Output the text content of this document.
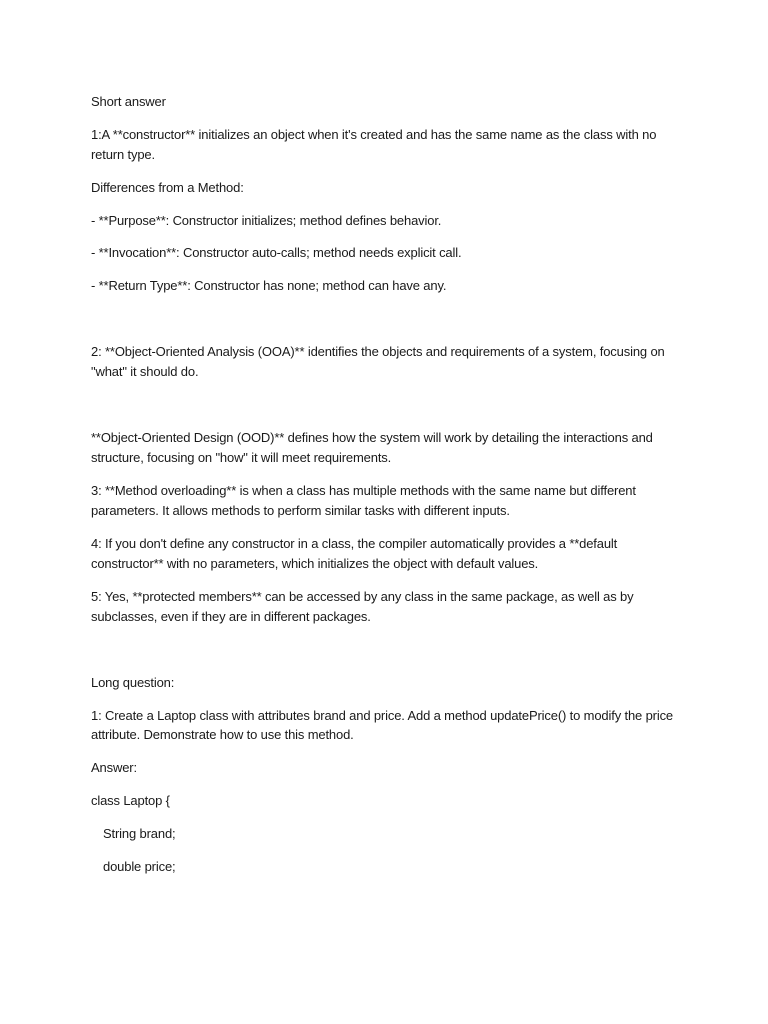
Short answer
1:A **constructor** initializes an object when it's created and has the same name as the class with no
return type.
Differences from a Method:
- **Purpose**: Constructor initializes; method defines behavior.
- **Invocation**: Constructor auto-calls; method needs explicit call.
- **Return Type**: Constructor has none; method can have any.
2: **Object-Oriented Analysis (OOA)** identifies the objects and requirements of a system, focusing on
"what" it should do.
**Object-Oriented Design (OOD)** defines how the system will work by detailing the interactions and
structure, focusing on "how" it will meet requirements.
3: **Method overloading** is when a class has multiple methods with the same name but different
parameters. It allows methods to perform similar tasks with different inputs.
4: If you don't define any constructor in a class, the compiler automatically provides a **default
constructor** with no parameters, which initializes the object with default values.
5: Yes, **protected members** can be accessed by any class in the same package, as well as by
subclasses, even if they are in different packages.
Long question:
1: Create a Laptop class with attributes brand and price. Add a method updatePrice() to modify the price
attribute. Demonstrate how to use this method.
Answer:
class Laptop {
String brand;
double price;
